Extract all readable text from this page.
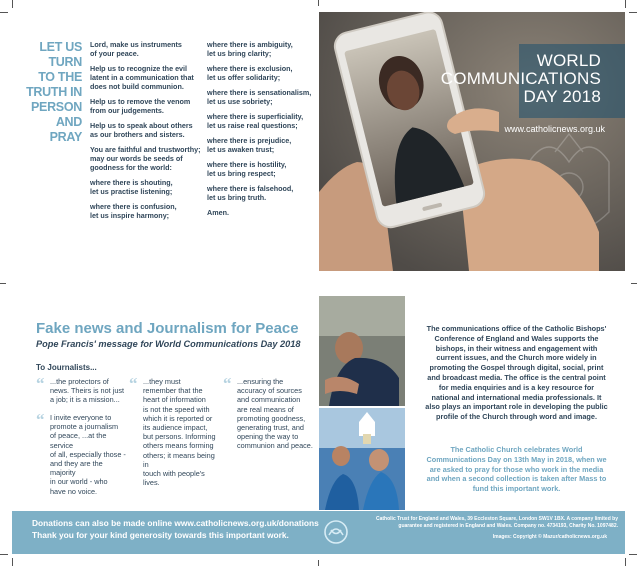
LET US
TURN
TO THE
TRUTH IN
PERSON
AND
PRAY

Lord, make us instruments
of your peace.

Help us to recognize the evil
latent in a communication that
does not build communion.

Help us to remove the venom
from our judgements.

Help us to speak about others
as our brothers and sisters.

You are faithful and trustworthy;
may our words be seeds of
goodness for the world:

where there is shouting,
let us practise listening;

where there is confusion,
let us inspire harmony;

where there is ambiguity,
let us bring clarity;

where there is exclusion,
let us offer solidarity;

where there is sensationalism,
let us use sobriety;

where there is superficiality,
let us raise real questions;

where there is prejudice,
let us awaken trust;

where there is hostility,
let us bring respect;

where there is falsehood,
let us bring truth.

Amen.

WORLD
COMMUNICATIONS
DAY 2018
www.catholicnews.org.uk
Fake news and Journalism for Peace
Pope Francis' message for World Communications Day 2018
To Journalists...
“ ...the protectors of
news. Theirs is not just
a job; it is a mission...
“ I invite everyone to
promote a journalism
of peace, ...at the service
of all, especially those -
and they are the majority
in our world - who
have no voice.
“ ...they must
remember that the
heart of information
is not the speed with
which it is reported or
its audience impact,
but persons. Informing
others means forming
others; it means being in
touch with people's lives.
“ ...ensuring the
accuracy of sources
and communication
are real means of
promoting goodness,
generating trust, and
opening the way to
communion and peace.
The communications office of the Catholic Bishops' Conference of England and Wales supports the bishops, in their witness and engagement with current issues, and the Church more widely in promoting the Gospel through digital, social, print and broadcast media. The office is the central point for media enquiries and is a key resource for national and international media professionals. It also plays an important role in developing the public profile of the Church through word and image.
The Catholic Church celebrates World Communications Day on 13th May in 2018, when we are asked to pray for those who work in the media and when a second collection is taken after Mass to fund this important work.
Donations can also be made online www.catholicnews.org.uk/donations
Thank you for your kind generosity towards this important work.
Catholic Trust for England and Wales, 39 Eccleston Square, London SW1V 1BX. A company limited by guarantee and registered in England and Wales. Company no. 4734193, Charity No. 1097482.
Images: Copyright © Mazur/catholicnews.org.uk
